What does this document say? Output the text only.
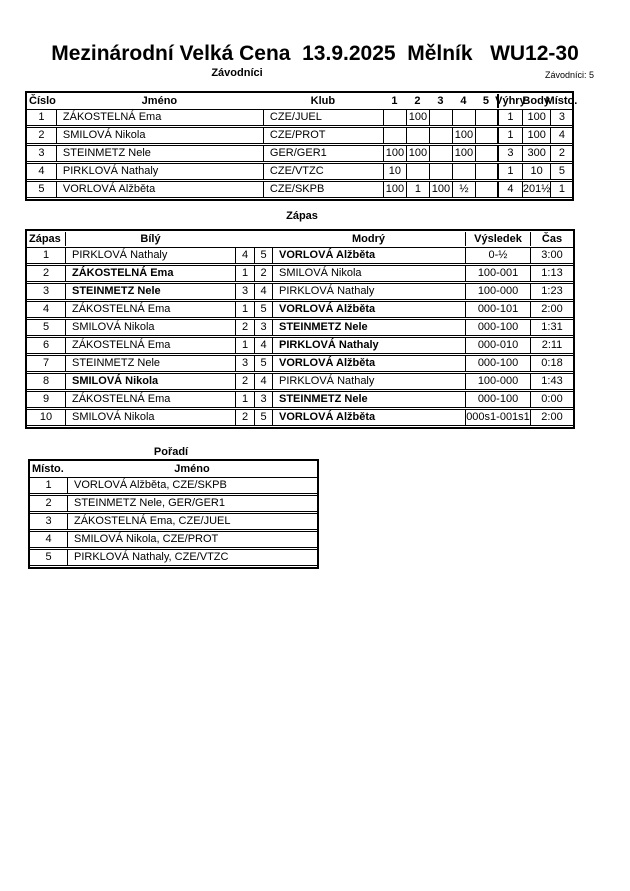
Mezinárodní Velká Cena  13.9.2025  Mělník   WU12-30
Závodníci	Závodníci: 5
Číslo	Jméno	Klub	1	2	3	4	5	Výhry	Body	Místo.

1	ZÁKOSTELNÁ Ema	CZE/JUEL		100				1	100	3
2	SMILOVÁ Nikola	CZE/PROT				100		1	100	4
3	STEINMETZ Nele	GER/GER1	100	100		100		3	300	2
4	PIRKLOVÁ Nathaly	CZE/VTZC	10					1	10	5
5	VORLOVÁ Alžběta	CZE/SKPB	100	1	100	½		4	201½	1
Zápas
Zápas	Bílý			Modrý	Výsledek	Čas
1	PIRKLOVÁ Nathaly	4	5	VORLOVÁ Alžběta	0-½	3:00
2	ZÁKOSTELNÁ Ema	1	2	SMILOVÁ Nikola	100-001	1:13
3	STEINMETZ Nele	3	4	PIRKLOVÁ Nathaly	100-000	1:23
4	ZÁKOSTELNÁ Ema	1	5	VORLOVÁ Alžběta	000-101	2:00
5	SMILOVÁ Nikola	2	3	STEINMETZ Nele	000-100	1:31
6	ZÁKOSTELNÁ Ema	1	4	PIRKLOVÁ Nathaly	000-010	2:11
7	STEINMETZ Nele	3	5	VORLOVÁ Alžběta	000-100	0:18
8	SMILOVÁ Nikola	2	4	PIRKLOVÁ Nathaly	100-000	1:43
9	ZÁKOSTELNÁ Ema	1	3	STEINMETZ Nele	000-100	0:00
10	SMILOVÁ Nikola	2	5	VORLOVÁ Alžběta	000s1-001s1	2:00
Pořadí
Místo.	Jméno
1	VORLOVÁ Alžběta, CZE/SKPB
2	STEINMETZ Nele, GER/GER1
3	ZÁKOSTELNÁ Ema, CZE/JUEL
4	SMILOVÁ Nikola, CZE/PROT
5	PIRKLOVÁ Nathaly, CZE/VTZC
